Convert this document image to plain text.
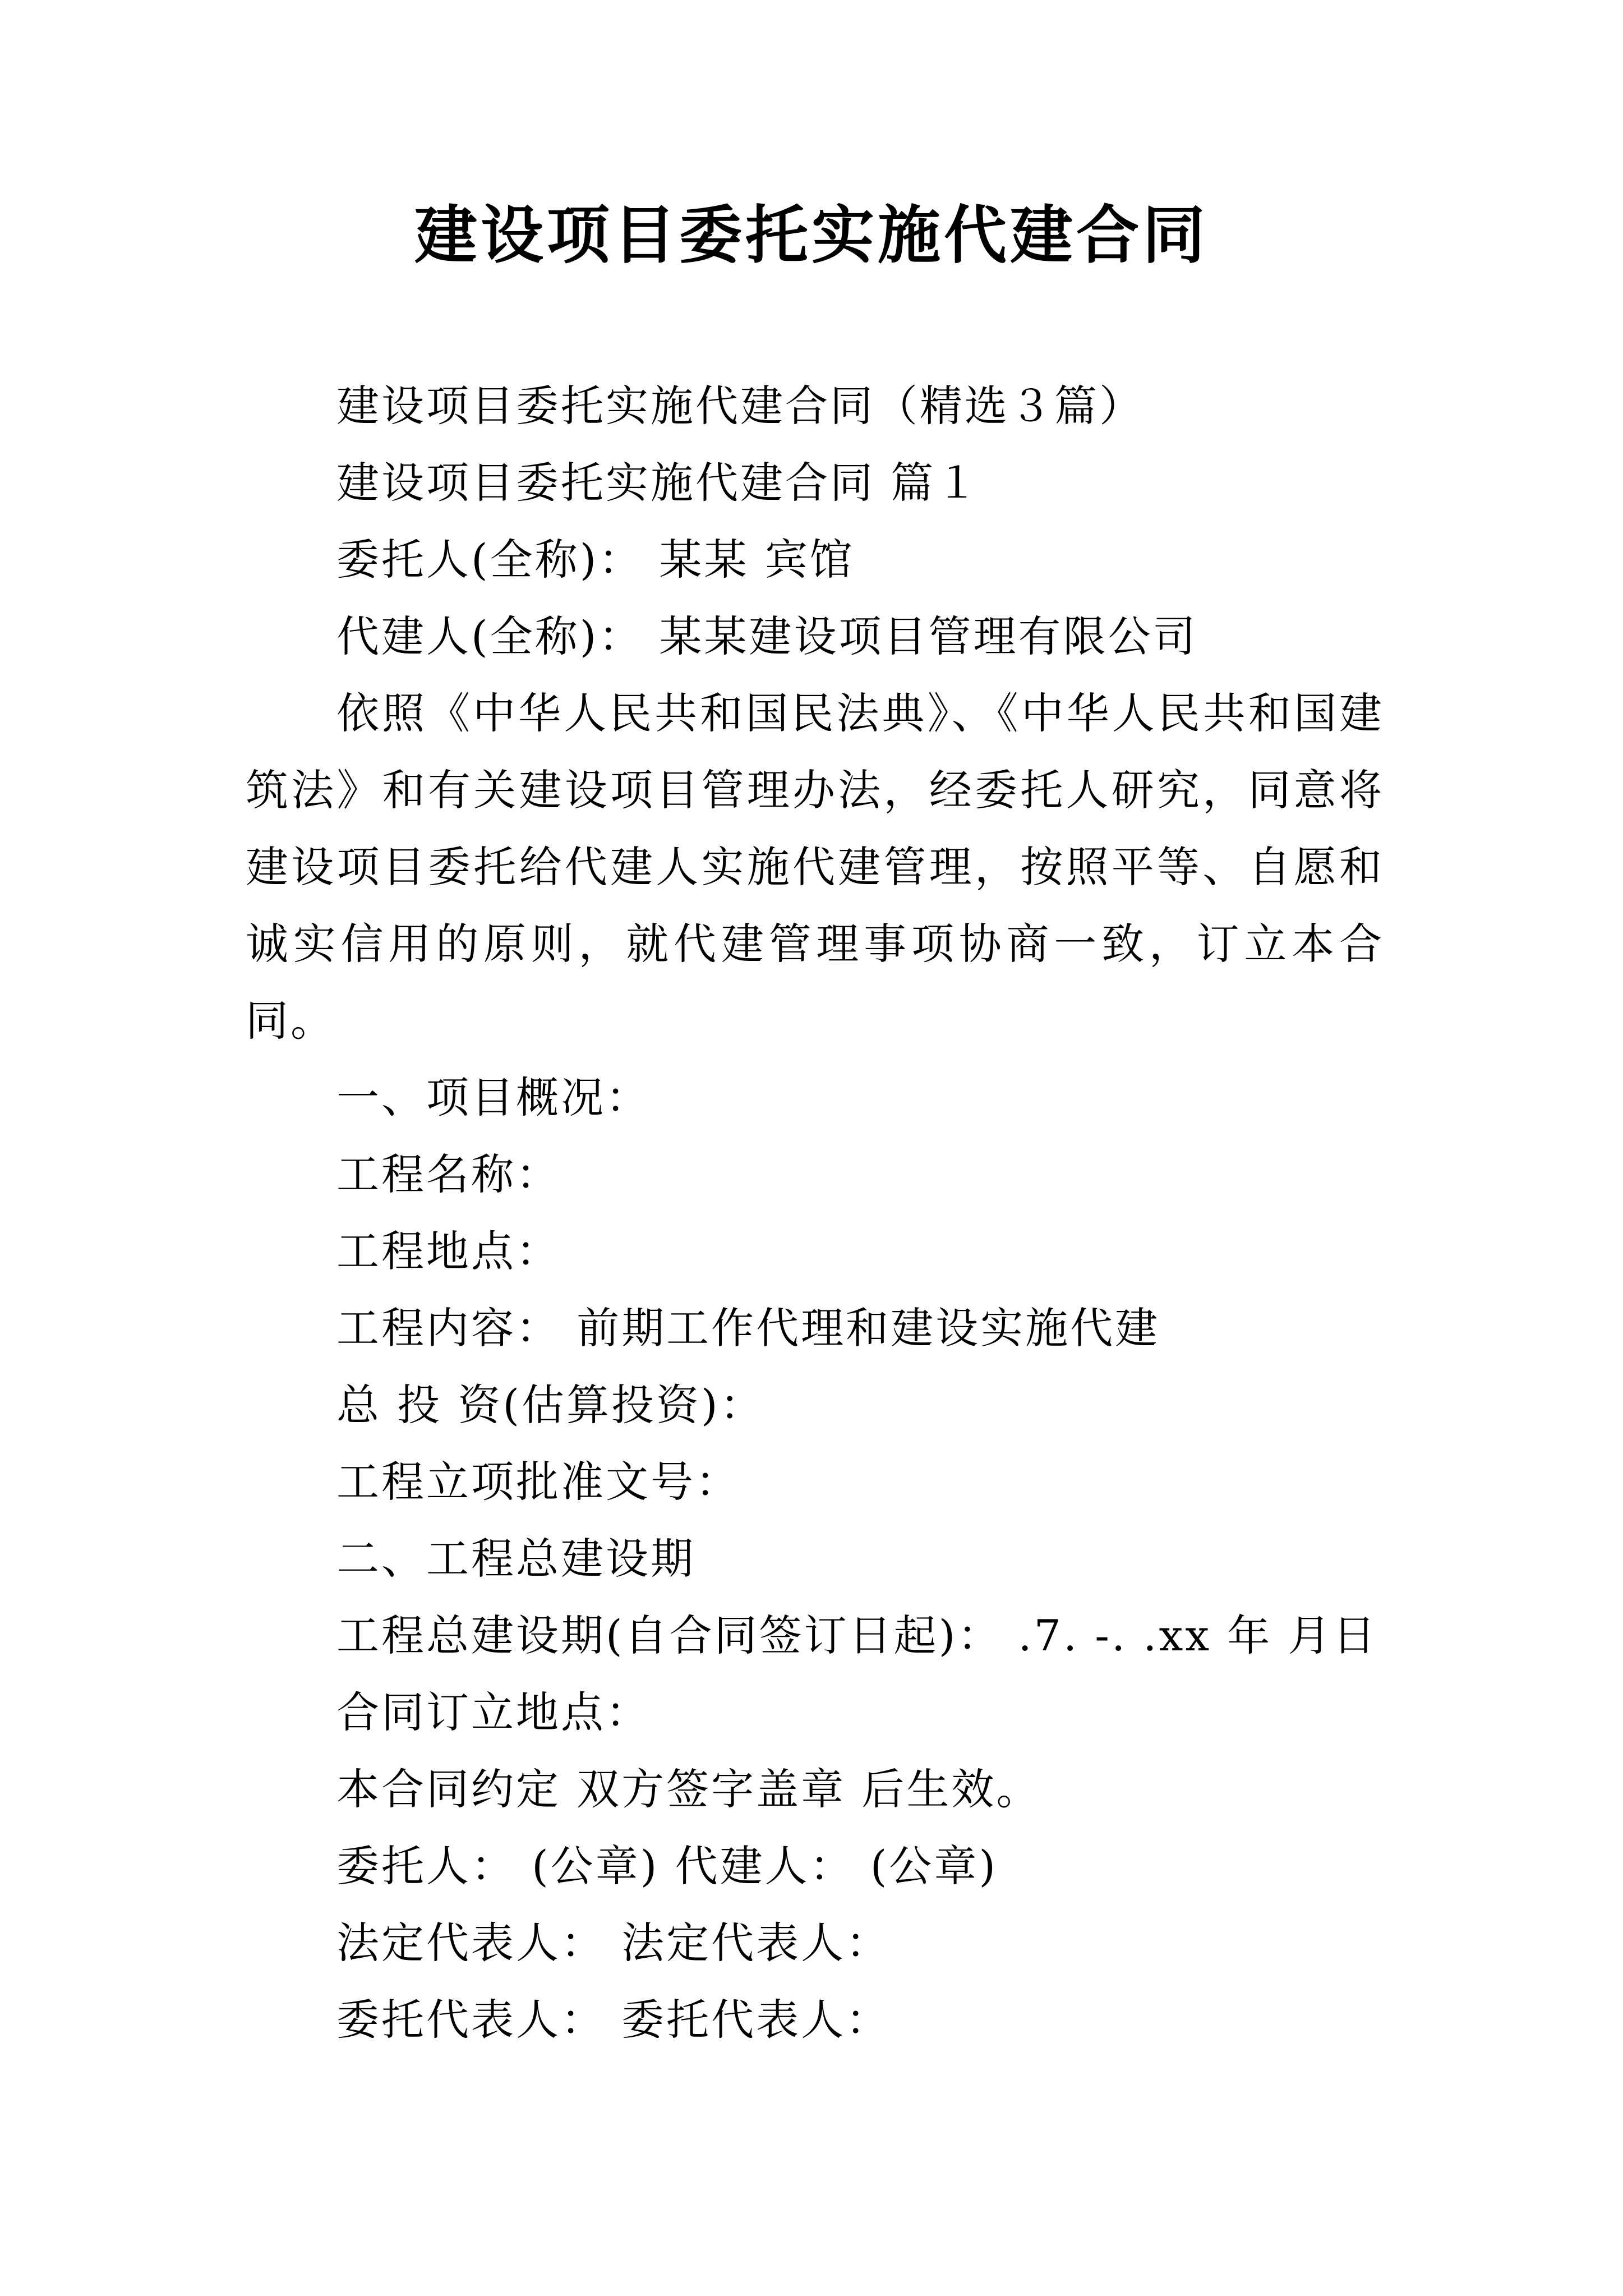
建设项目委托实施代建合同

建设项目委托实施代建合同（精选３篇）

建设项目委托实施代建合同 篇１

委托人(全称)： 某某 宾馆

代建人(全称)： 某某建设项目管理有限公司

依照《中华人民共和国民法典》、《中华人民共和国建筑法》和有关建设项目管理办法，经委托人研究，同意将建设项目委托给代建人实施代建管理，按照平等、自愿和诚实信用的原则，就代建管理事项协商一致，订立本合同。

一、项目概况：

工程名称：

工程地点：

工程内容： 前期工作代理和建设实施代建

总 投 资(估算投资)：

工程立项批准文号：

二、工程总建设期

工程总建设期(自合同签订日起)： .7. -. .xx 年 月日

合同订立地点：

本合同约定 双方签字盖章 后生效。

委托人： (公章) 代建人： (公章)

法定代表人： 法定代表人：

委托代表人： 委托代表人：
